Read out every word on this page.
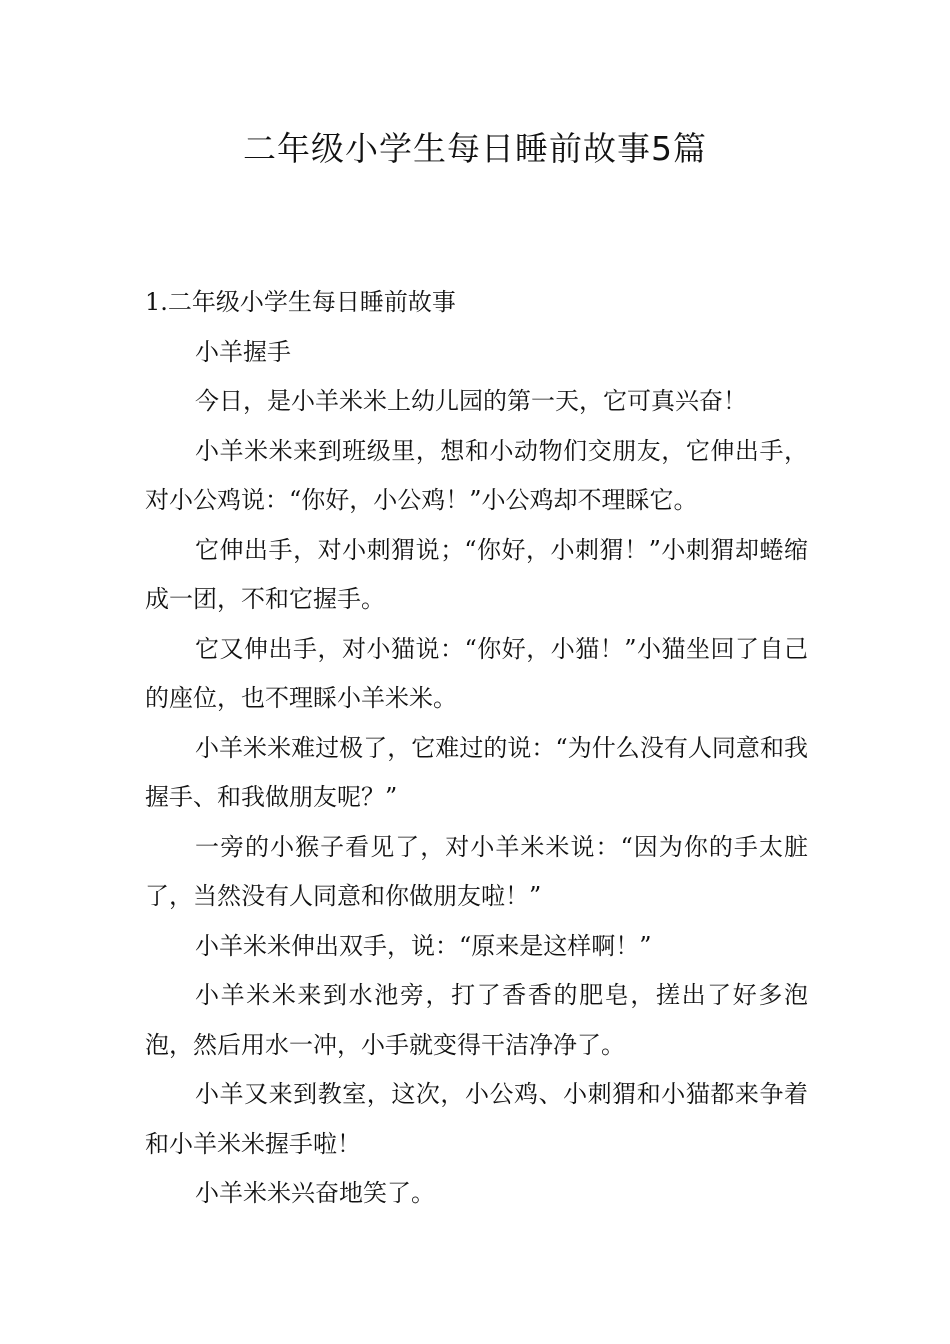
二年级小学生每日睡前故事5篇

1.二年级小学生每日睡前故事

小羊握手

今日，是小羊米米上幼儿园的第一天，它可真兴奋！

小羊米米来到班级里，想和小动物们交朋友，它伸出手，对小公鸡说：“你好，小公鸡！”小公鸡却不理睬它。

它伸出手，对小刺猬说；“你好，小刺猬！”小刺猬却蜷缩成一团，不和它握手。

它又伸出手，对小猫说：“你好，小猫！”小猫坐回了自己的座位，也不理睬小羊米米。

小羊米米难过极了，它难过的说：“为什么没有人同意和我握手、和我做朋友呢？”

一旁的小猴子看见了，对小羊米米说：“因为你的手太脏了，当然没有人同意和你做朋友啦！”

小羊米米伸出双手，说：“原来是这样啊！”

小羊米米来到水池旁，打了香香的肥皂，搓出了好多泡泡，然后用水一冲，小手就变得干洁净净了。

小羊又来到教室，这次，小公鸡、小刺猬和小猫都来争着和小羊米米握手啦！

小羊米米兴奋地笑了。
